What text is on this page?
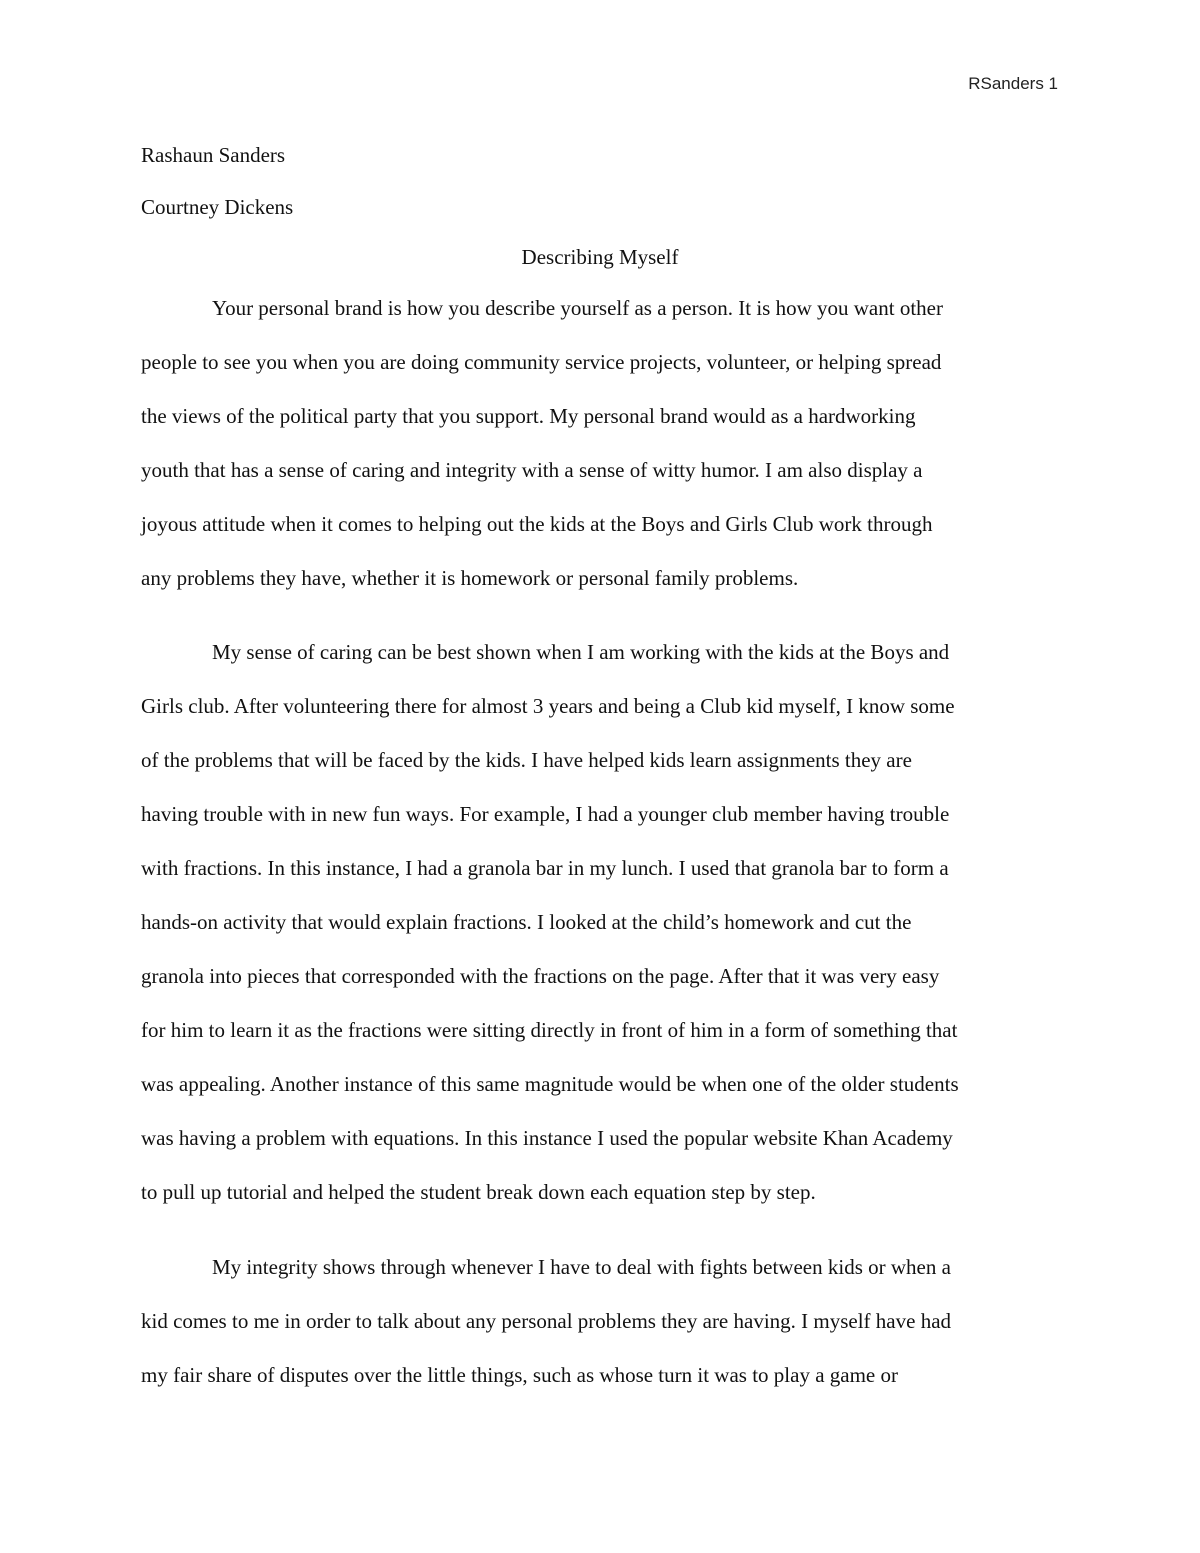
RSanders 1
Rashaun Sanders
Courtney Dickens
Describing Myself
Your personal brand is how you describe yourself as a person. It is how you want other
people to see you when you are doing community service projects, volunteer, or helping spread
the views of the political party that you support. My personal brand would as a hardworking
youth that has a sense of caring and integrity with a sense of witty humor. I am also display a
joyous attitude when it comes to helping out the kids at the Boys and Girls Club work through
any problems they have, whether it is homework or personal family problems.
My sense of caring can be best shown when I am working with the kids at the Boys and
Girls club. After volunteering there for almost 3 years and being a Club kid myself, I know some
of the problems that will be faced by the kids. I have helped kids learn assignments they are
having trouble with in new fun ways. For example, I had a younger club member having trouble
with fractions. In this instance, I had a granola bar in my lunch. I used that granola bar to form a
hands-on activity that would explain fractions. I looked at the child’s homework and cut the
granola into pieces that corresponded with the fractions on the page. After that it was very easy
for him to learn it as the fractions were sitting directly in front of him in a form of something that
was appealing. Another instance of this same magnitude would be when one of the older students
was having a problem with equations. In this instance I used the popular website Khan Academy
to pull up tutorial and helped the student break down each equation step by step.
My integrity shows through whenever I have to deal with fights between kids or when a
kid comes to me in order to talk about any personal problems they are having. I myself have had
my fair share of disputes over the little things, such as whose turn it was to play a game or
